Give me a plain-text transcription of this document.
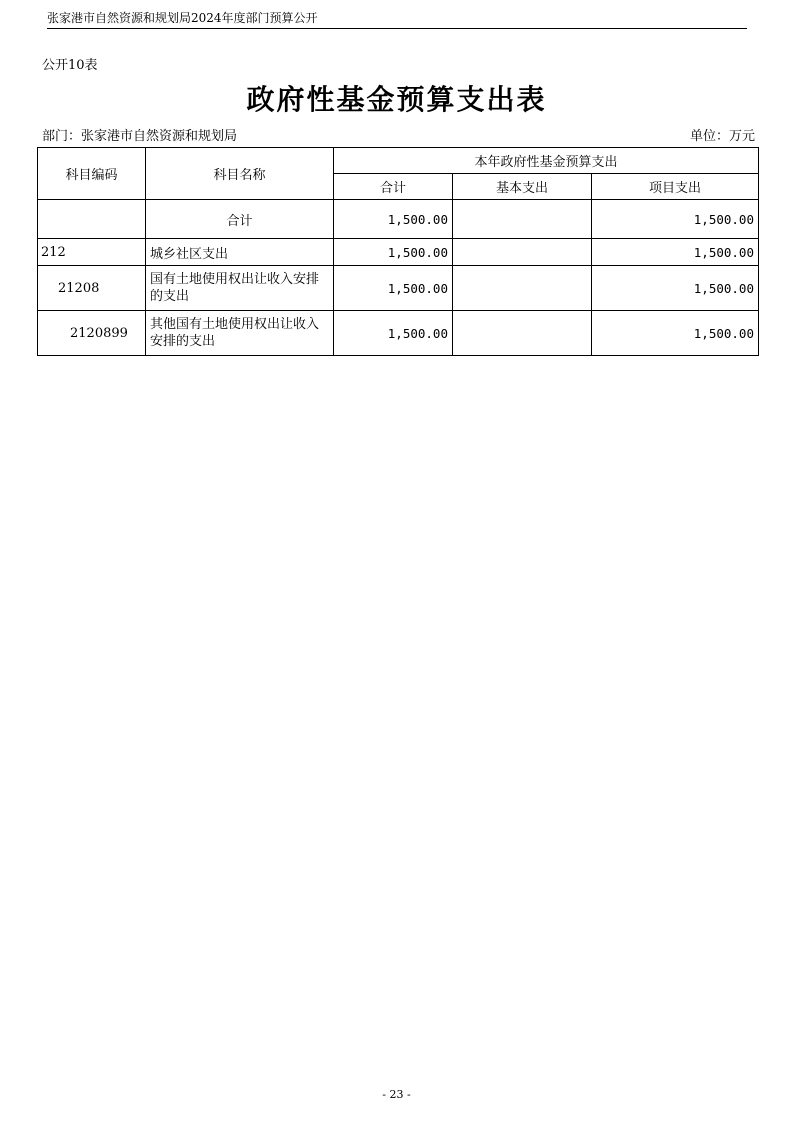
张家港市自然资源和规划局2024年度部门预算公开
公开10表
政府性基金预算支出表
部门：张家港市自然资源和规划局	单位：万元
科目编码	科目名称	本年政府性基金预算支出		
		合计	基本支出	项目支出
	合计	1,500.00		1,500.00
212	城乡社区支出	1,500.00		1,500.00
21208	国有土地使用权出让收入安排的支出	1,500.00		1,500.00
2120899	其他国有土地使用权出让收入安排的支出	1,500.00		1,500.00
- 23 -
